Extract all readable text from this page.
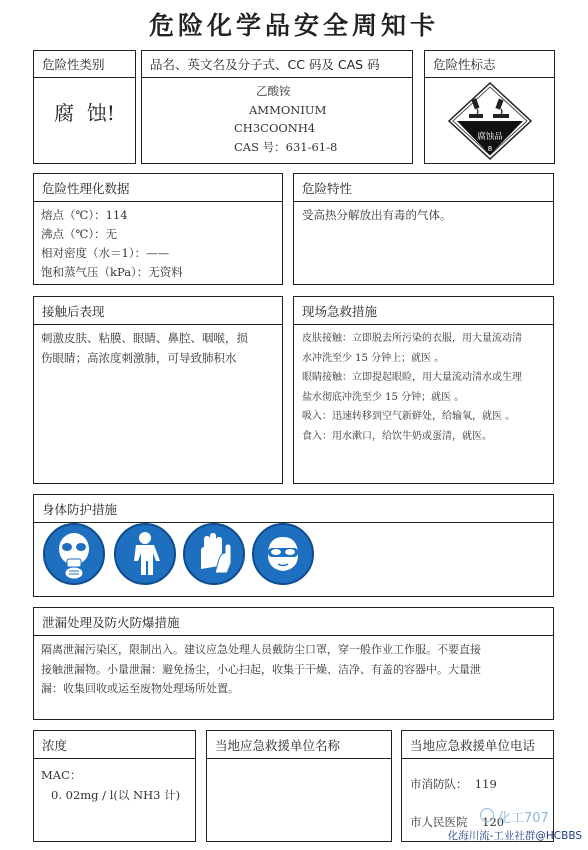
危险化学品安全周知卡
危险性类别
腐  蚀!
品名、英文名及分子式、CC 码及 CAS 码
乙酸铵
AMMONIUM
CH3COONH4
CAS 号：631-61-8
危险性标志
腐蚀品
8
危险性理化数据
熔点（℃）：114
沸点（℃）：无
相对密度（水＝1）：——
饱和蒸气压（kPa）：无资料
危险特性
受高热分解放出有毒的气体。
接触后表现
刺激皮肤、粘膜、眼睛、鼻腔、咽喉，损
伤眼睛；高浓度刺激肺，可导致肺积水
现场急救措施
皮肤接触：立即脱去所污染的衣服，用大量流动清
水冲洗至少 15 分钟上；就医 。
眼睛接触：立即提起眼睑，用大量流动清水或生理
盐水彻底冲洗至少 15 分钟；就医 。
吸入：迅速转移到空气新鲜处，给输氧，就医 。
食入：用水漱口，给饮牛奶或蛋清，就医。
身体防护措施
泄漏处理及防火防爆措施
隔离泄漏污染区，限制出入。建议应急处理人员戴防尘口罩，穿一般作业工作服。不要直接
接触泄漏物。小量泄漏：避免扬尘，小心扫起，收集于干燥、洁净、有盖的容器中。大量泄
漏：收集回收或运至废物处理场所处置。
浓度
MAC：
0. 02mg / l(以 NH3 计)
当地应急救援单位名称	当地应急救援单位电话
市消防队：  119
市人民医院    120
化工707
化海川流-工业社群@HCBBS
